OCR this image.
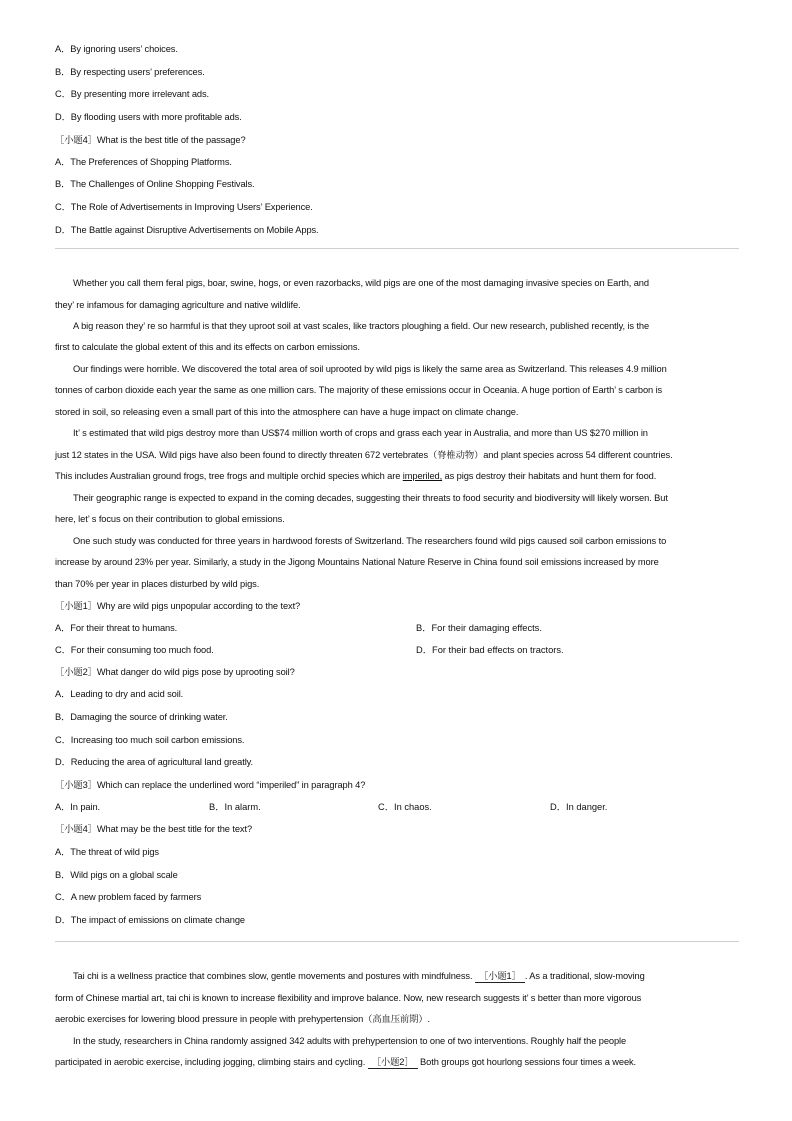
A．By ignoring users’ choices.
B．By respecting users’ preferences.
C．By presenting more irrelevant ads.
D．By flooding users with more profitable ads.
［小题4］What is the best title of the passage?
A．The Preferences of Shopping Platforms.
B．The Challenges of Online Shopping Festivals.
C．The Role of Advertisements in Improving Users’ Experience.
D．The Battle against Disruptive Advertisements on Mobile Apps.
Whether you call them feral pigs, boar, swine, hogs, or even razorbacks, wild pigs are one of the most damaging invasive species on Earth, and
they’ re infamous for damaging agriculture and native wildlife.
A big reason they’ re so harmful is that they uproot soil at vast scales, like tractors ploughing a field. Our new research, published recently, is the
first to calculate the global extent of this and its effects on carbon emissions.
Our findings were horrible. We discovered the total area of soil uprooted by wild pigs is likely the same area as Switzerland. This releases 4.9 million
tonnes of carbon dioxide each year the same as one million cars. The majority of these emissions occur in Oceania. A huge portion of Earth’ s carbon is
stored in soil, so releasing even a small part of this into the atmosphere can have a huge impact on climate change.
It’ s estimated that wild pigs destroy more than US$74 million worth of crops and grass each year in Australia, and more than US $270 million in
just 12 states in the USA. Wild pigs have also been found to directly threaten 672 vertebrates（脊椎动物）and plant species across 54 different countries.
This includes Australian ground frogs, tree frogs and multiple orchid species which are imperiled, as pigs destroy their habitats and hunt them for food.
Their geographic range is expected to expand in the coming decades, suggesting their threats to food security and biodiversity will likely worsen. But
here, let’ s focus on their contribution to global emissions.
One such study was conducted for three years in hardwood forests of Switzerland. The researchers found wild pigs caused soil carbon emissions to
increase by around 23% per year. Similarly, a study in the Jigong Mountains National Nature Reserve in China found soil emissions increased by more
than 70% per year in places disturbed by wild pigs.
［小题1］Why are wild pigs unpopular according to the text?
A．For their threat to humans.	B．For their damaging effects.
C．For their consuming too much food.	D．For their bad effects on tractors.
［小题2］What danger do wild pigs pose by uprooting soil?
A．Leading to dry and acid soil.
B．Damaging the source of drinking water.
C．Increasing too much soil carbon emissions.
D．Reducing the area of agricultural land greatly.
［小题3］Which can replace the underlined word “imperiled” in paragraph 4?
A．In pain.	B．In alarm.	C．In chaos.	D．In danger.
［小题4］What may be the best title for the text?
A．The threat of wild pigs
B．Wild pigs on a global scale
C．A new problem faced by farmers
D．The impact of emissions on climate change
Tai chi is a wellness practice that combines slow, gentle movements and postures with mindfulness. ［小题1］ . As a traditional, slow-moving
form of Chinese martial art, tai chi is known to increase flexibility and improve balance. Now, new research suggests it’ s better than more vigorous
aerobic exercises for lowering blood pressure in people with prehypertension（高血压前期）.
In the study, researchers in China randomly assigned 342 adults with prehypertension to one of two interventions. Roughly half the people
participated in aerobic exercise, including jogging, climbing stairs and cycling. ［小题2］ Both groups got hourlong sessions four times a week.
